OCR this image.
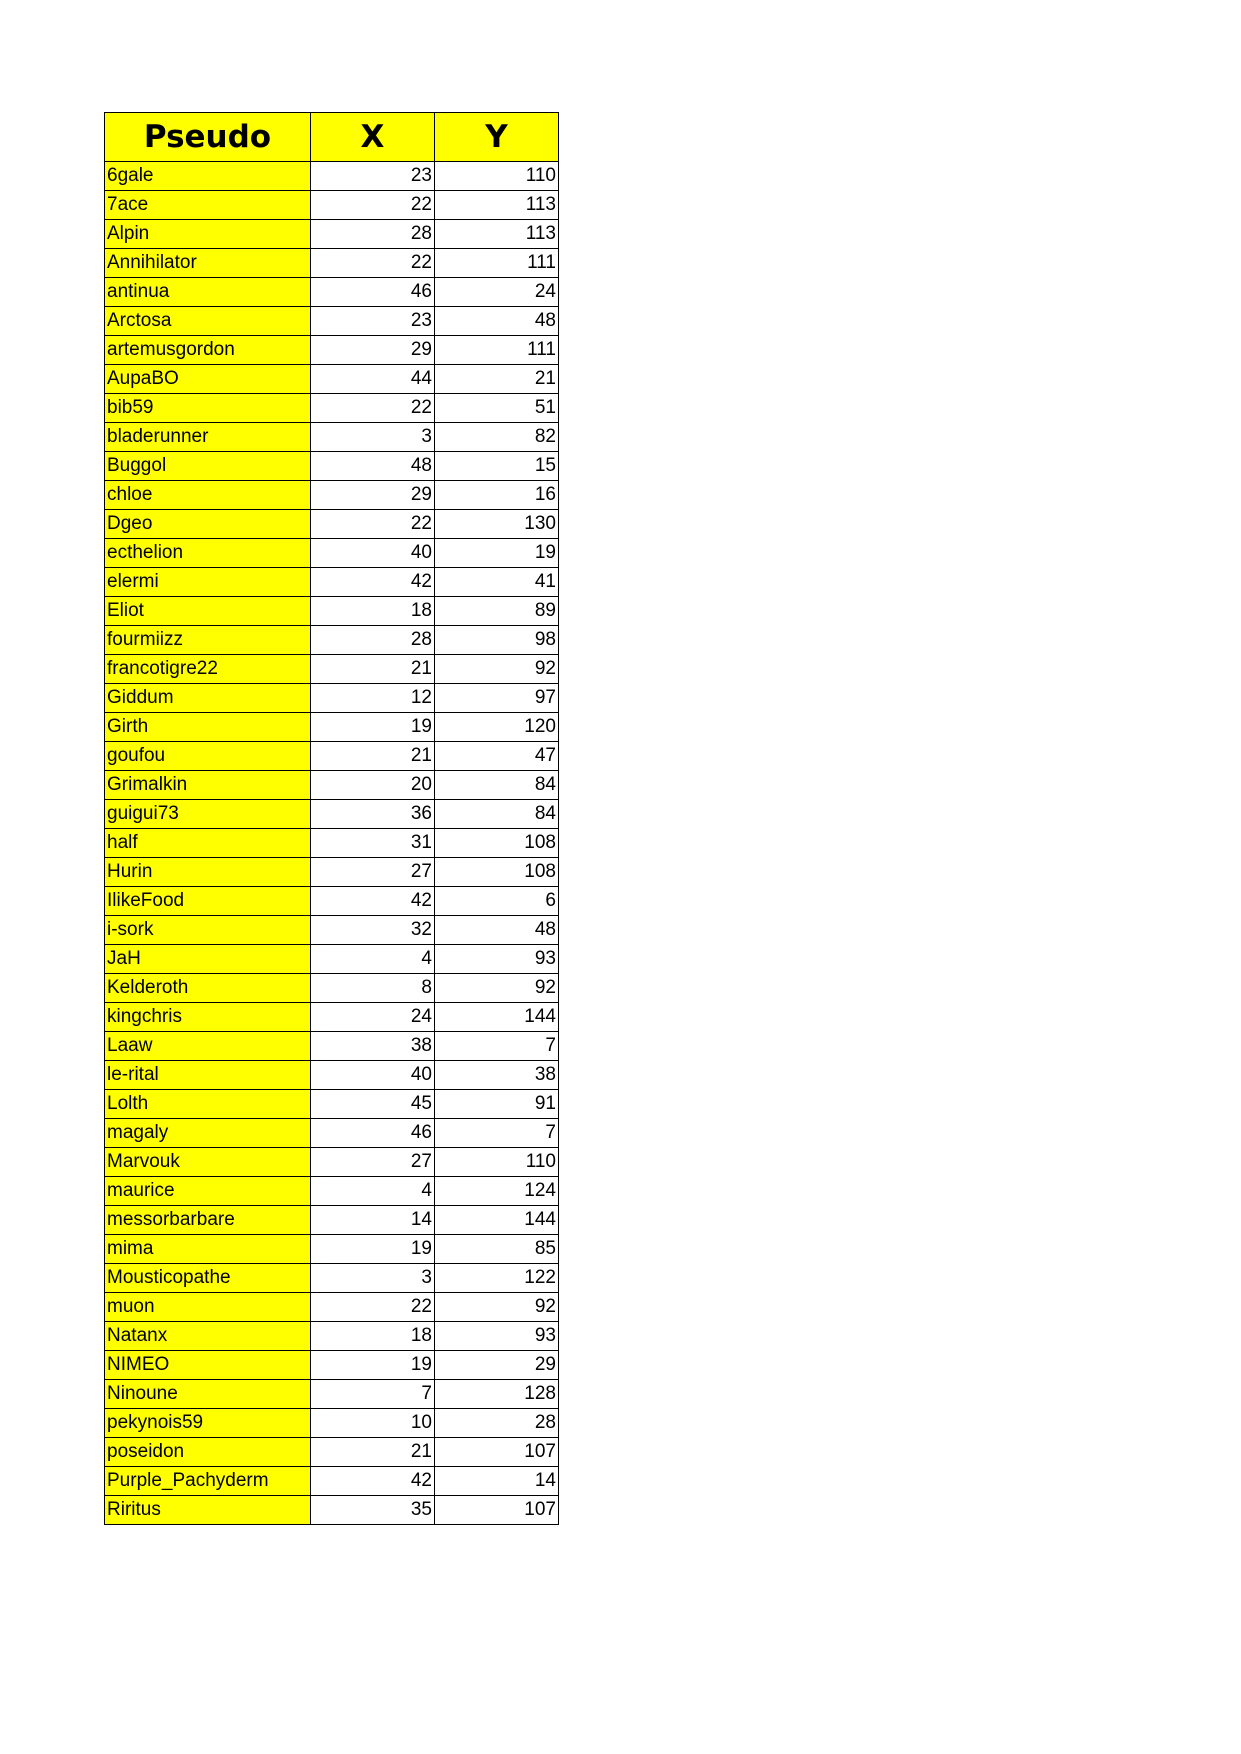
Pseudo	X	Y
6gale	23	110
7ace	22	113
Alpin	28	113
Annihilator	22	111
antinua	46	24
Arctosa	23	48
artemusgordon	29	111
AupaBO	44	21
bib59	22	51
bladerunner	3	82
Buggol	48	15
chloe	29	16
Dgeo	22	130
ecthelion	40	19
elermi	42	41
Eliot	18	89
fourmiizz	28	98
francotigre22	21	92
Giddum	12	97
Girth	19	120
goufou	21	47
Grimalkin	20	84
guigui73	36	84
half	31	108
Hurin	27	108
IlikeFood	42	6
i-sork	32	48
JaH	4	93
Kelderoth	8	92
kingchris	24	144
Laaw	38	7
le-rital	40	38
Lolth	45	91
magaly	46	7
Marvouk	27	110
maurice	4	124
messorbarbare	14	144
mima	19	85
Mousticopathe	3	122
muon	22	92
Natanx	18	93
NIMEO	19	29
Ninoune	7	128
pekynois59	10	28
poseidon	21	107
Purple_Pachyderm	42	14
Riritus	35	107
